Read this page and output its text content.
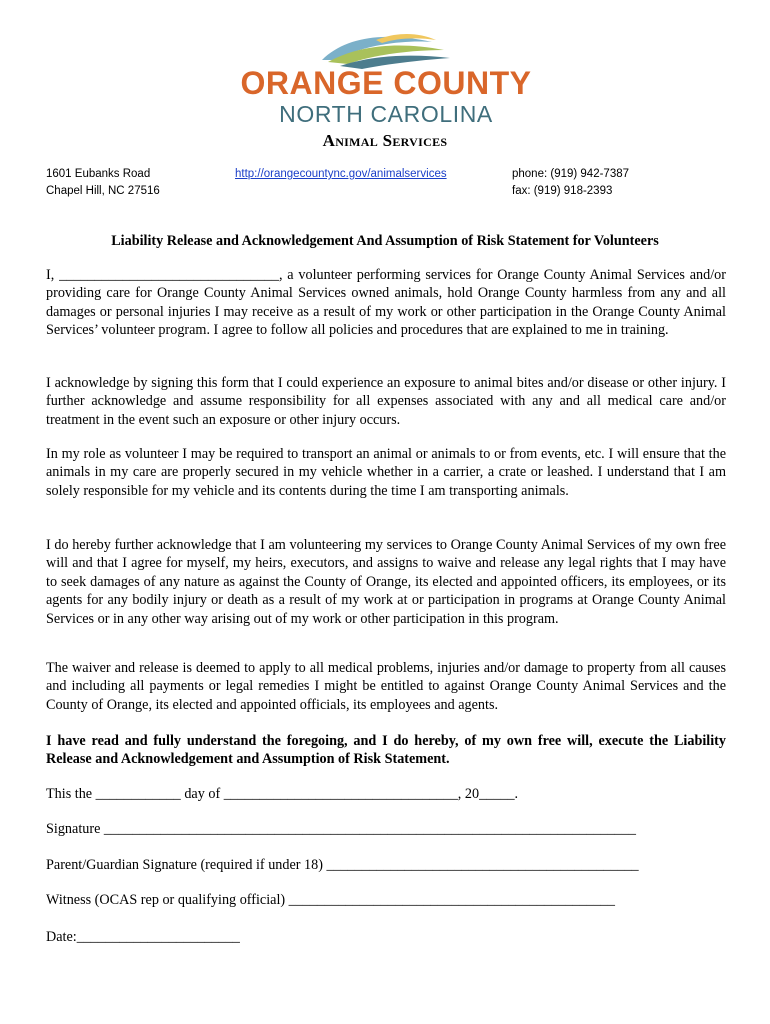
ORANGE COUNTY
NORTH CAROLINA
Animal Services
1601 Eubanks Road
Chapel Hill, NC 27516
http://orangecountync.gov/animalservices	phone: (919) 942-7387
fax: (919) 918-2393
Liability Release and Acknowledgement And Assumption of Risk Statement for Volunteers

I, _______________________________, a volunteer performing services for Orange County Animal Services and/or providing care for Orange County Animal Services owned animals, hold Orange County harmless from any and all damages or personal injuries I may receive as a result of my work or other participation in the Orange County Animal Services’ volunteer program. I agree to follow all policies and procedures that are explained to me in training.

I acknowledge by signing this form that I could experience an exposure to animal bites and/or disease or other injury. I further acknowledge and assume responsibility for all expenses associated with any and all medical care and/or treatment in the event such an exposure or other injury occurs.

In my role as volunteer I may be required to transport an animal or animals to or from events, etc. I will ensure that the animals in my care are properly secured in my vehicle whether in a carrier, a crate or leashed. I understand that I am solely responsible for my vehicle and its contents during the time I am transporting animals.

I do hereby further acknowledge that I am volunteering my services to Orange County Animal Services of my own free will and that I agree for myself, my heirs, executors, and assigns to waive and release any legal rights that I may have to seek damages of any nature as against the County of Orange, its elected and appointed officers, its employees, or its agents for any bodily injury or death as a result of my work at or participation in programs at Orange County Animal Services or in any other way arising out of my work or other participation in this program.

The waiver and release is deemed to apply to all medical problems, injuries and/or damage to property from all causes and including all payments or legal remedies I might be entitled to against Orange County Animal Services and the County of Orange, its elected and appointed officials, its employees and agents.

I have read and fully understand the foregoing, and I do hereby, of my own free will, execute the Liability Release and Acknowledgement and Assumption of Risk Statement.

This the ____________ day of _________________________________, 20_____.
Signature ___________________________________________________________________________
Parent/Guardian Signature (required if under 18) ____________________________________________
Witness (OCAS rep or qualifying official) ______________________________________________
Date:_______________________
